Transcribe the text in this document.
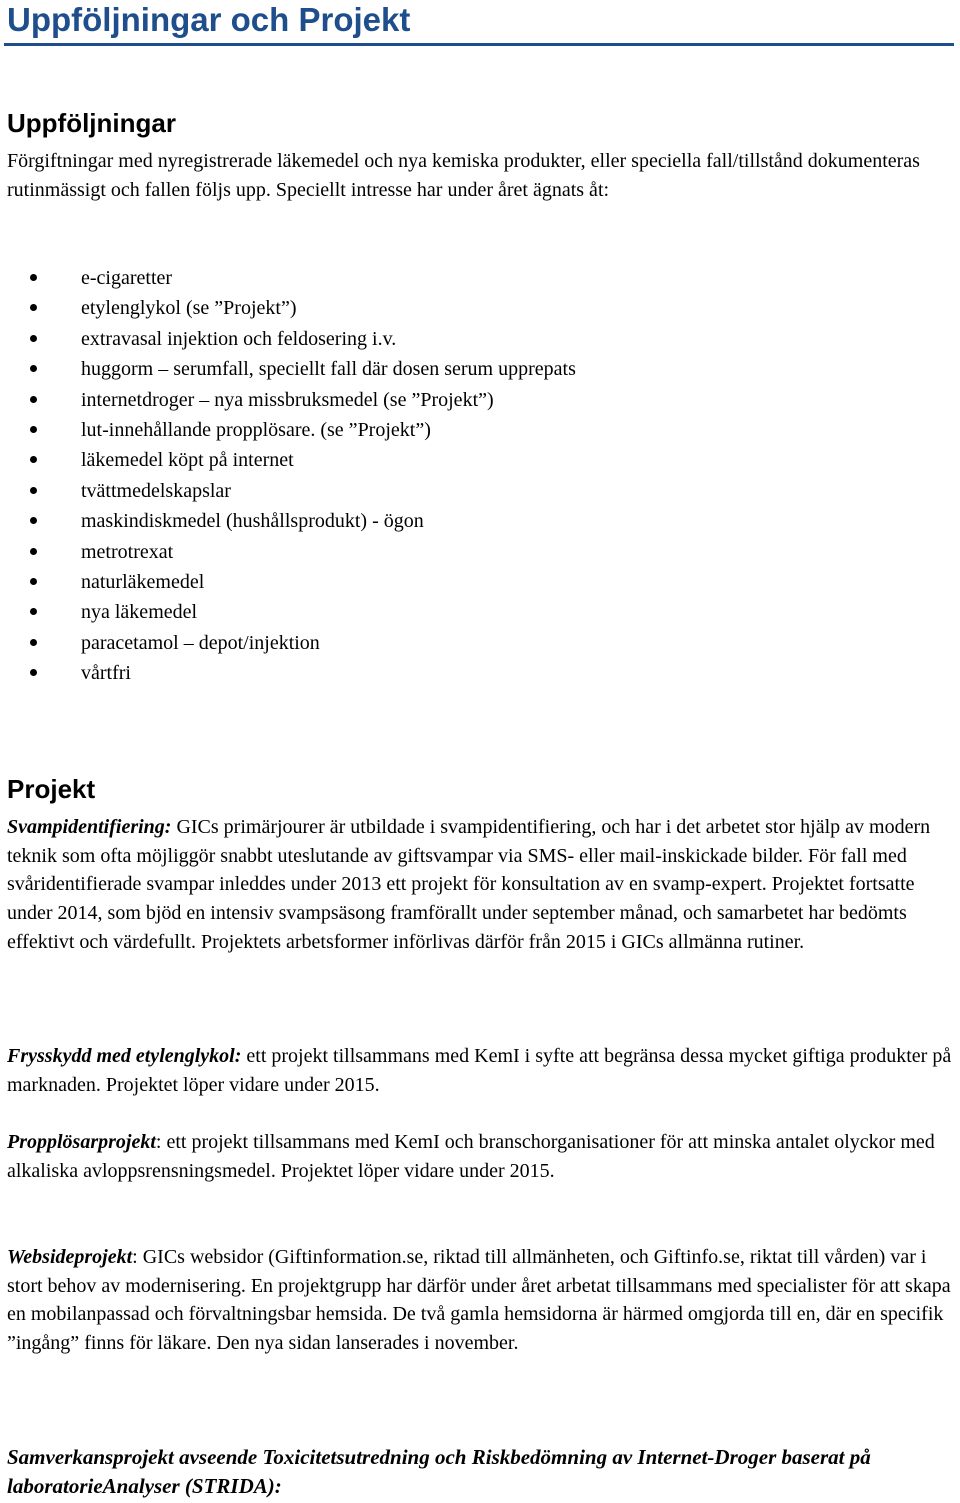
Uppföljningar och Projekt
Uppföljningar

Förgiftningar med nyregistrerade läkemedel och nya kemiska produkter, eller speciella fall/tillstånd dokumenteras rutinmässigt och fallen följs upp. Speciellt intresse har under året ägnats åt:

e-cigaretter
etylenglykol (se ”Projekt”)
extravasal injektion och feldosering i.v.
huggorm – serumfall, speciellt fall där dosen serum upprepats
internetdroger – nya missbruksmedel (se ”Projekt”)
lut-innehållande propplösare. (se ”Projekt”)
läkemedel köpt på internet
tvättmedelskapslar
maskindiskmedel (hushållsprodukt) - ögon
metrotrexat
naturläkemedel
nya läkemedel
paracetamol – depot/injektion
vårtfri
Projekt

Svampidentifiering: GICs primärjourer är utbildade i svampidentifiering, och har i det arbetet stor hjälp av modern teknik som ofta möjliggör snabbt uteslutande av giftsvampar via SMS- eller mail-inskickade bilder. För fall med svåridentifierade svampar inleddes under 2013 ett projekt för konsultation av en svamp-expert. Projektet fortsatte under 2014, som bjöd en intensiv svampsäsong framförallt under september månad, och samarbetet har bedömts effektivt och värdefullt. Projektets arbetsformer införlivas därför från 2015 i GICs allmänna rutiner.

Frysskydd med etylenglykol: ett projekt tillsammans med KemI i syfte att begränsa dessa mycket giftiga produkter på marknaden. Projektet löper vidare under 2015.

Propplösarprojekt: ett projekt tillsammans med KemI och branschorganisationer för att minska antalet olyckor med alkaliska avloppsrensningsmedel. Projektet löper vidare under 2015.

Websideprojekt: GICs websidor (Giftinformation.se, riktad till allmänheten, och Giftinfo.se, riktat till vården) var i stort behov av modernisering. En projektgrupp har därför under året arbetat tillsammans med specialister för att skapa en mobilanpassad och förvaltningsbar hemsida. De två gamla hemsidorna är härmed omgjorda till en, där en specifik ”ingång” finns för läkare. Den nya sidan lanserades i november.

Samverkansprojekt avseende Toxicitetsutredning och Riskbedömning av Internet-Droger baserat på laboratorieAnalyser (STRIDA):
